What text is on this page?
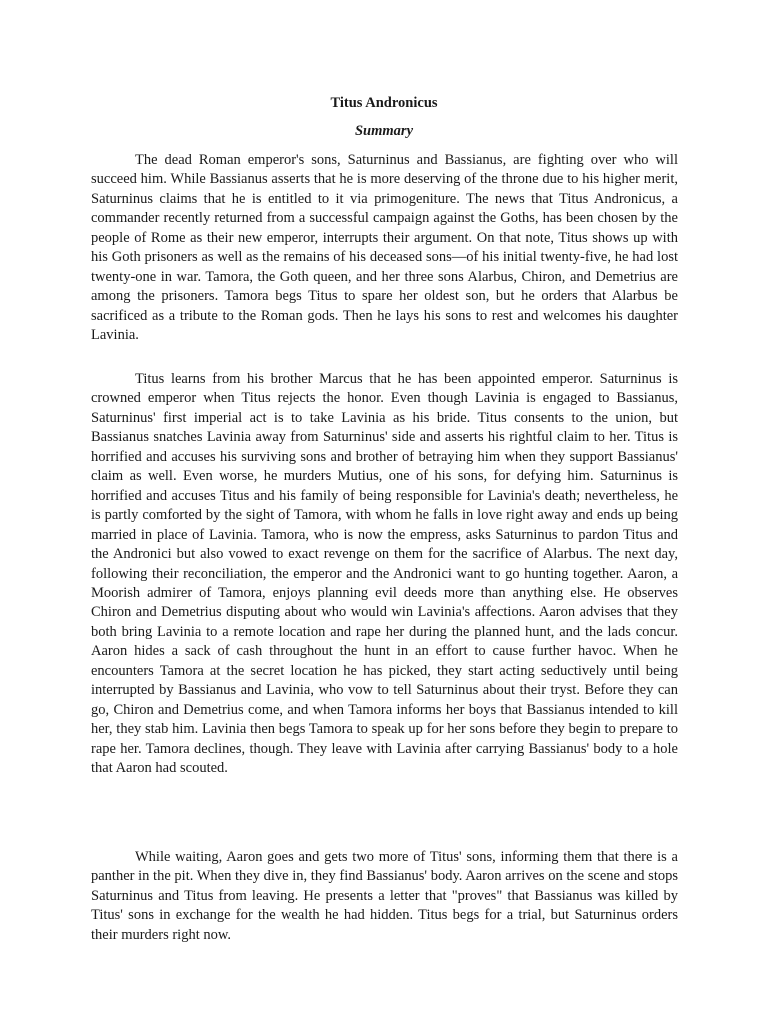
Titus Andronicus
Summary

The dead Roman emperor's sons, Saturninus and Bassianus, are fighting over who will succeed him. While Bassianus asserts that he is more deserving of the throne due to his higher merit, Saturninus claims that he is entitled to it via primogeniture. The news that Titus Andronicus, a commander recently returned from a successful campaign against the Goths, has been chosen by the people of Rome as their new emperor, interrupts their argument. On that note, Titus shows up with his Goth prisoners as well as the remains of his deceased sons—of his initial twenty-five, he had lost twenty-one in war. Tamora, the Goth queen, and her three sons Alarbus, Chiron, and Demetrius are among the prisoners. Tamora begs Titus to spare her oldest son, but he orders that Alarbus be sacrificed as a tribute to the Roman gods. Then he lays his sons to rest and welcomes his daughter Lavinia.

Titus learns from his brother Marcus that he has been appointed emperor. Saturninus is crowned emperor when Titus rejects the honor. Even though Lavinia is engaged to Bassianus, Saturninus' first imperial act is to take Lavinia as his bride. Titus consents to the union, but Bassianus snatches Lavinia away from Saturninus' side and asserts his rightful claim to her. Titus is horrified and accuses his surviving sons and brother of betraying him when they support Bassianus' claim as well. Even worse, he murders Mutius, one of his sons, for defying him. Saturninus is horrified and accuses Titus and his family of being responsible for Lavinia's death; nevertheless, he is partly comforted by the sight of Tamora, with whom he falls in love right away and ends up being married in place of Lavinia. Tamora, who is now the empress, asks Saturninus to pardon Titus and the Andronici but also vowed to exact revenge on them for the sacrifice of Alarbus. The next day, following their reconciliation, the emperor and the Andronici want to go hunting together. Aaron, a Moorish admirer of Tamora, enjoys planning evil deeds more than anything else. He observes Chiron and Demetrius disputing about who would win Lavinia's affections. Aaron advises that they both bring Lavinia to a remote location and rape her during the planned hunt, and the lads concur. Aaron hides a sack of cash throughout the hunt in an effort to cause further havoc. When he encounters Tamora at the secret location he has picked, they start acting seductively until being interrupted by Bassianus and Lavinia, who vow to tell Saturninus about their tryst. Before they can go, Chiron and Demetrius come, and when Tamora informs her boys that Bassianus intended to kill her, they stab him. Lavinia then begs Tamora to speak up for her sons before they begin to prepare to rape her. Tamora declines, though. They leave with Lavinia after carrying Bassianus' body to a hole that Aaron had scouted.

While waiting, Aaron goes and gets two more of Titus' sons, informing them that there is a panther in the pit. When they dive in, they find Bassianus' body. Aaron arrives on the scene and stops Saturninus and Titus from leaving. He presents a letter that "proves" that Bassianus was killed by Titus' sons in exchange for the wealth he had hidden. Titus begs for a trial, but Saturninus orders their murders right now.
